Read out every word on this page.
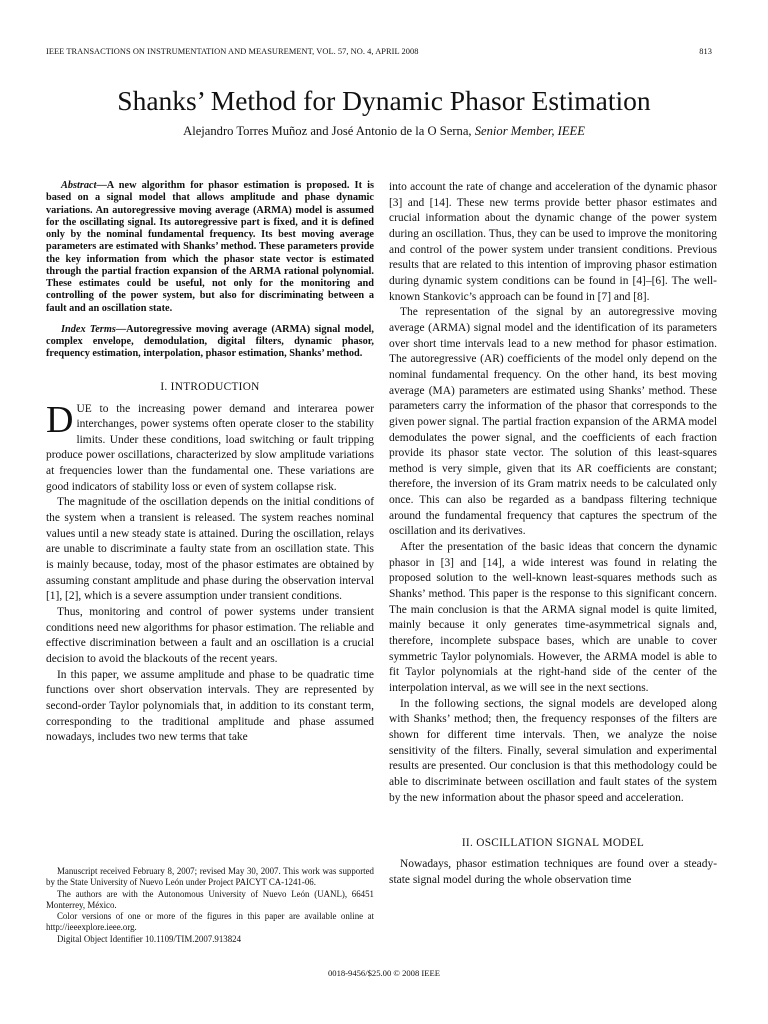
IEEE TRANSACTIONS ON INSTRUMENTATION AND MEASUREMENT, VOL. 57, NO. 4, APRIL 2008	813
Shanks’ Method for Dynamic Phasor Estimation
Alejandro Torres Muñoz and José Antonio de la O Serna, Senior Member, IEEE

Abstract—A new algorithm for phasor estimation is proposed. It is based on a signal model that allows amplitude and phase dynamic variations. An autoregressive moving average (ARMA) model is assumed for the oscillating signal. Its autoregressive part is fixed, and it is defined only by the nominal fundamental frequency. Its best moving average parameters are estimated with Shanks’ method. These parameters provide the key information from which the phasor state vector is estimated through the partial fraction expansion of the ARMA rational polynomial. These estimates could be useful, not only for the monitoring and controlling of the power system, but also for discriminating between a fault and an oscillation state.

Index Terms—Autoregressive moving average (ARMA) signal model, complex envelope, demodulation, digital filters, dynamic phasor, frequency estimation, interpolation, phasor estimation, Shanks’ method.

I. INTRODUCTION

DUE to the increasing power demand and interarea power interchanges, power systems often operate closer to the stability limits. Under these conditions, load switching or fault tripping produce power oscillations, characterized by slow amplitude variations at frequencies lower than the fundamental one. These variations are good indicators of stability loss or even of system collapse risk.

The magnitude of the oscillation depends on the initial conditions of the system when a transient is released. The system reaches nominal values until a new steady state is attained. During the oscillation, relays are unable to discriminate a faulty state from an oscillation state. This is mainly because, today, most of the phasor estimates are obtained by assuming constant amplitude and phase during the observation interval [1], [2], which is a severe assumption under transient conditions.

Thus, monitoring and control of power systems under transient conditions need new algorithms for phasor estimation. The reliable and effective discrimination between a fault and an oscillation is a crucial decision to avoid the blackouts of the recent years.

In this paper, we assume amplitude and phase to be quadratic time functions over short observation intervals. They are represented by second-order Taylor polynomials that, in addition to its constant term, corresponding to the traditional amplitude and phase assumed nowadays, includes two new terms that take

Manuscript received February 8, 2007; revised May 30, 2007. This work was supported by the State University of Nuevo León under Project PAICYT CA-1241-06.

The authors are with the Autonomous University of Nuevo León (UANL), 66451 Monterrey, México.

Color versions of one or more of the figures in this paper are available online at http://ieeexplore.ieee.org.

Digital Object Identifier 10.1109/TIM.2007.913824

into account the rate of change and acceleration of the dynamic phasor [3] and [14]. These new terms provide better phasor estimates and crucial information about the dynamic change of the power system during an oscillation. Thus, they can be used to improve the monitoring and control of the power system under transient conditions. Previous results that are related to this intention of improving phasor estimation during dynamic system conditions can be found in [4]–[6]. The well-known Stankovic’s approach can be found in [7] and [8].

The representation of the signal by an autoregressive moving average (ARMA) signal model and the identification of its parameters over short time intervals lead to a new method for phasor estimation. The autoregressive (AR) coefficients of the model only depend on the nominal fundamental frequency. On the other hand, its best moving average (MA) parameters are estimated using Shanks’ method. These parameters carry the information of the phasor that corresponds to the given power signal. The partial fraction expansion of the ARMA model demodulates the power signal, and the coefficients of each fraction provide its phasor state vector. The solution of this least-squares method is very simple, given that its AR coefficients are constant; therefore, the inversion of its Gram matrix needs to be calculated only once. This can also be regarded as a bandpass filtering technique around the fundamental frequency that captures the spectrum of the oscillation and its derivatives.

After the presentation of the basic ideas that concern the dynamic phasor in [3] and [14], a wide interest was found in relating the proposed solution to the well-known least-squares methods such as Shanks’ method. This paper is the response to this significant concern. The main conclusion is that the ARMA signal model is quite limited, mainly because it only generates time-asymmetrical signals and, therefore, incomplete subspace bases, which are unable to cover symmetric Taylor polynomials. However, the ARMA model is able to fit Taylor polynomials at the right-hand side of the center of the interpolation interval, as we will see in the next sections.

In the following sections, the signal models are developed along with Shanks’ method; then, the frequency responses of the filters are shown for different time intervals. Then, we analyze the noise sensitivity of the filters. Finally, several simulation and experimental results are presented. Our conclusion is that this methodology could be able to discriminate between oscillation and fault states of the system by the new information about the phasor speed and acceleration.

II. OSCILLATION SIGNAL MODEL

Nowadays, phasor estimation techniques are found over a steady-state signal model during the whole observation time

0018-9456/$25.00 © 2008 IEEE
